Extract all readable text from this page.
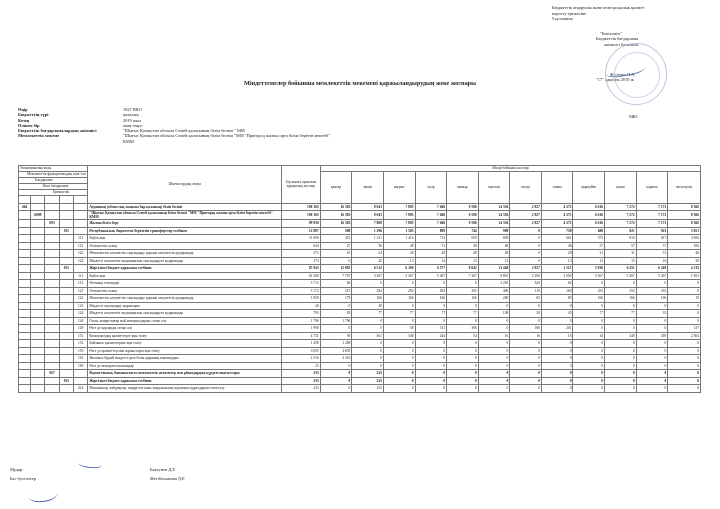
Бюджеттік атқарушы және оған қасқалық қызмет
көрсету ережесіне
5 қосымша
"Бекітемін"
Бюджеттік бағдарлама
әкімшісі басшысы
Фесенко Н.А.
"17" қаңтарь 2019 ж
Міндеттемелер бойынша мемлекеттік мекемені қаржыландырудың жеке жоспары
Өңір	1827 ВКО
Бюджеттің түрі	қалалық
Кезең	2019 жыл
Өлшем бір	мың теңге
Бюджеттік бағдарламалардың әкімшісі	"Шығыс Қазақстан облысы Семей қаласының білім бөлімі " ММ
Мемлекеттік мекеме	"Шығыс Қазақстан облысы Семей қаласының білім бөлімі "ММ "Пригород жалпы орта білім беретін мектебі" КММ
МЮ
Экономикалық коды					Шығыстардың атауы	Бір жылға арналған қаржылық жоспар	Айлар бойынша жоспар											
Мемлекеттік функционалдық кіші топ							қаңтар	ақпан	наурыз	сәуір	мамыр	маусым	шілде	тамыз	қыркүйек	қазан	қараша	желтоқсан
Бағдарлама																		
Кіші бағдарлама																		
Ерекшелік																		

464					Ауданның (облыстық маңызы бар қаланың) білім бөлімі	100 165	16 383	8 043	7 805	7 466	9 586	14 356	2 827	4 273	6 616	7 272	7 172	8 366
	6009				"Шығыс Қазақстан облысы Семей қаласының білім бөлімі "ММ "Пригород жалпы орта білім беретін мектебі" КММ	100 165	16 383	8 043	7 805	7 466	9 586	14 356	2 827	4 273	6 616	7 272	7 172	8 366
		003			Жалпы білім беру	99 930	16 383	7 808	7 805	7 466	9 586	14 356	2 827	4 273	6 616	7 272	7 172	8 366
			011		Республикалық бюджеттен берілетін трансферттер есебінен	12 887	508	1 296	1 505	889	744	908	0	758	688	921	923	3 851
				111	Еңбек ақы	11 699	451	1 121	1 416	714	659	809	0	661	575	816	817	3 656
				121	Әлеуметтік салық	644	27	56	48	51	49	48	0	46	57	57	57	106
				122	Мемлекеттік әлеуметтік сақтандыру қорына әлеуметтік аударымдар	371	16	54	28	28	28	28	0	28	31	31	31	46
				124	Міндетті әлеуметтік медициналық сақтандыруға аударымдар	173	6	20	13	14	13	13	0	13	13	15	16	29
			015		Жергілікті бюджет қаражаты есебінен	87 043	15 883	6 512	6 300	6 577	8 842	13 448	2 827	3 515	5 936	6 251	6 249	4 515
				111	Еңбек ақы	61 308	7 767	5 367	5 367	5 367	7 367	9 867	2 100	2 950	5 367	5 367	5 367	1 853
				113	Өтемақы төлемдері	3 713	66	0	0	0	0	3 265	320	62	0	0	0	0
				121	Әлеуметтік салық	3 172	313	292	292	292	292	400	110	160	252	252	235	0
				122	Мемлекеттік әлеуметтік сақтандыру қорына әлеуметтік аударымдар	1 850	179	166	166	166	166	260	65	85	166	166	166	19
				123	Міндетті сақтандыру жарналары	40	0	40	0	0	0	0	0	0	0	0	0	0
				124	Міндетті әлеуметтік медициналық сақтандыруға аударымдар	793	83	77	77	77	77	108	30	45	77	77	33	0
				144	Отын, жанар-жағар май материалдарын сатып алу	1 796	1 796	0	0	0	0	0	0	0	0	0	0	0
				149	Өзге де қорларды сатып алу	1 990	0	0	58	511	396	0	186	201	0	0	0	137
				151	Коммуналдық қызметтерге ақы төлеу	4 731	59	561	348	244	54	16	16	16	34	449	459	2 504
				152	Байланыс қызметтеріне ақы төлеу	1 458	1 458	0	0	0	0	0	0	0	0	0	0	0
				159	Өзге де қызметтер мен жұмыстарға ақы төлеу	3 835	3 835	0	0	0	0	0	0	0	0	0	0	0
				161	Жалпыға бірдей міндетті орта білім қорының шығындары	2 316	2 316	0	0	0	0	0	0	0	0	0	0	0
				169	Өзге де ағымдағы шығындар	25	0	0	0	0	0	0	0	3	0	0	0	0
		067			Ведомстволық бағыныстағы мемлекеттік мекемелер мен ұйымдардың күрделі шығыстары	235	0	235	0	0	0	0	0	0	0	0	0	0
			015		Жергілікті бюджет қаражаты есебінен	235	0	235	0	0	0	0	0	0	0	0	0	0
				414	Машиналар, жабдықтар, өндірістік және шаруашылық мүкәммал құралдарын сатып алу	235	0	235	0	0	0	0	0	0	0	0	0	0
Мудир	Бактунов Д.Е
Бас бухгалтер	Жетібасымова Д.Е
